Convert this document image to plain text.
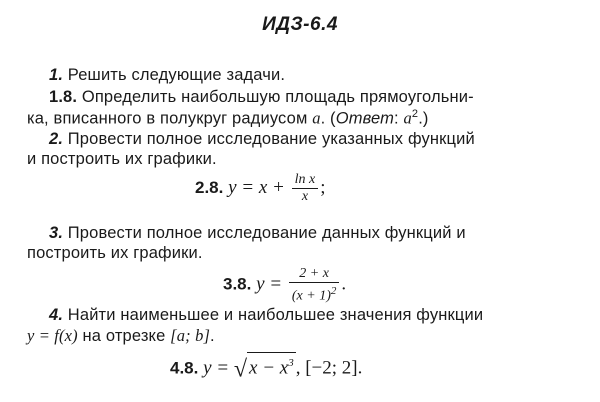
ИДЗ-6.4
1. Решить следующие задачи.
1.8. Определить наибольшую площадь прямоугольни-
ка, вписанного в полукруг радиусом a. (Ответ: $a^2$.)
2. Провести полное исследование указанных функций
и построить их графики.
2.8. $y = x + \frac{\text{ln x}}{x}$ ;
3. Провести полное исследование данных функций и
построить их графики.
3.8. $y = \frac{2 + x}{(x + 1)^2}$ .
4. Найти наименьшее и наибольшее значения функции
y = f(x) на отрезке [a; b].
4.8. y = √ $x - x^3$ , [−2; 2].
